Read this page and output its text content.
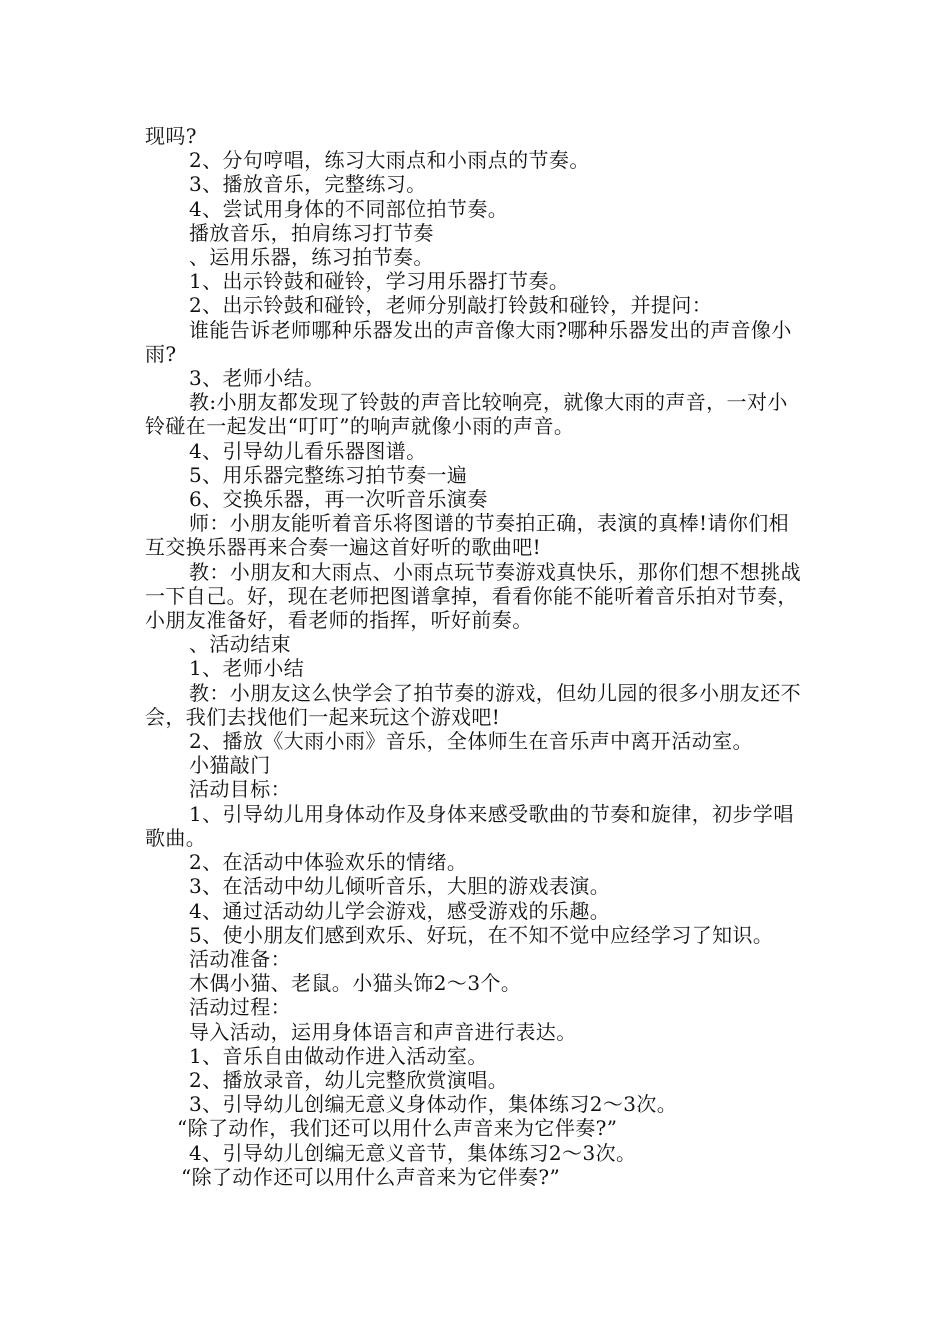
现吗?

2、分句哼唱，练习大雨点和小雨点的节奏。

3、播放音乐，完整练习。

4、尝试用身体的不同部位拍节奏。

播放音乐，拍肩练习打节奏

、运用乐器，练习拍节奏。

1、出示铃鼓和碰铃，学习用乐器打节奏。

2、出示铃鼓和碰铃，老师分别敲打铃鼓和碰铃，并提问：

谁能告诉老师哪种乐器发出的声音像大雨?哪种乐器发出的声音像小雨?

3、老师小结。

教:小朋友都发现了铃鼓的声音比较响亮，就像大雨的声音，一对小铃碰在一起发出“叮叮”的响声就像小雨的声音。

4、引导幼儿看乐器图谱。

5、用乐器完整练习拍节奏一遍

6、交换乐器，再一次听音乐演奏

师：小朋友能听着音乐将图谱的节奏拍正确，表演的真棒!请你们相互交换乐器再来合奏一遍这首好听的歌曲吧!

教：小朋友和大雨点、小雨点玩节奏游戏真快乐，那你们想不想挑战一下自己。好，现在老师把图谱拿掉，看看你能不能听着音乐拍对节奏，小朋友准备好，看老师的指挥，听好前奏。

、活动结束

1、老师小结

教：小朋友这么快学会了拍节奏的游戏，但幼儿园的很多小朋友还不会，我们去找他们一起来玩这个游戏吧!

2、播放《大雨小雨》音乐，全体师生在音乐声中离开活动室。

小猫敲门

活动目标：

1、引导幼儿用身体动作及身体来感受歌曲的节奏和旋律，初步学唱歌曲。

2、在活动中体验欢乐的情绪。

3、在活动中幼儿倾听音乐，大胆的游戏表演。

4、通过活动幼儿学会游戏，感受游戏的乐趣。

5、使小朋友们感到欢乐、好玩，在不知不觉中应经学习了知识。

活动准备：

木偶小猫、老鼠。小猫头饰2～3个。

活动过程：

导入活动，运用身体语言和声音进行表达。

1、音乐自由做动作进入活动室。

2、播放录音，幼儿完整欣赏演唱。

3、引导幼儿创编无意义身体动作，集体练习2～3次。

“除了动作，我们还可以用什么声音来为它伴奏?”

4、引导幼儿创编无意义音节，集体练习2～3次。

“除了动作还可以用什么声音来为它伴奏?”
